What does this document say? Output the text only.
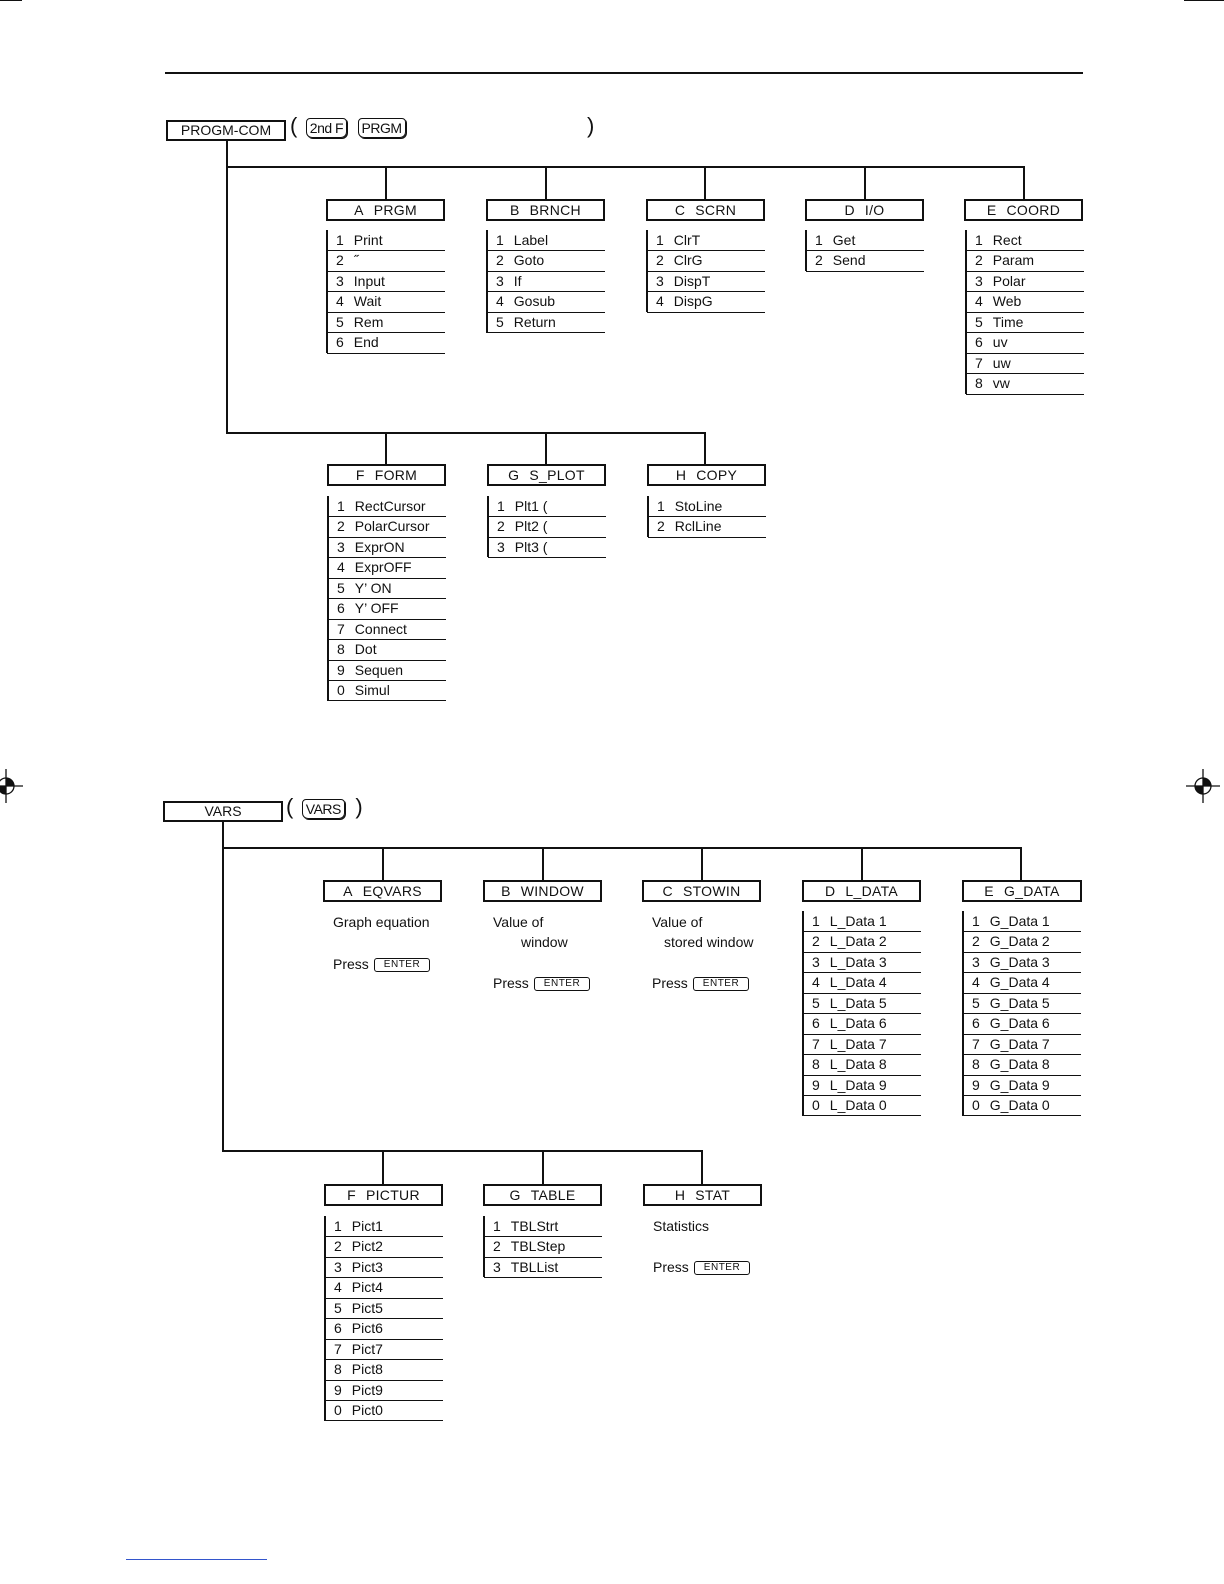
PROGM-COM ( 2nd F PRGM	)
A PRGM
1 Print
2 ˝
3 Input
4 Wait
5 Rem
6 End
B BRNCH
1 Label
2 Goto
3 If
4 Gosub
5 Return
C SCRN
1 ClrT
2 ClrG
3 DispT
4 DispG
D I/O
1 Get
2 Send
E COORD
1 Rect
2 Param
3 Polar
4 Web
5 Time
6 uv
7 uw
8 vw
F FORM
1 RectCursor
2 PolarCursor
3 ExprON
4 ExprOFF
5 Y’ ON
6 Y’ OFF
7 Connect
8 Dot
9 Sequen
0 Simul
G S_PLOT
1 Plt1 (
2 Plt2 (
3 Plt3 (
H COPY
1 StoLine
2 RclLine
VARS	( VARS )
A EQVARS
Graph equation
Press ENTER
B WINDOW
Value of
window
Press ENTER
C STOWIN
Value of
stored window
Press ENTER
D L_DATA
1 L_Data 1
2 L_Data 2
3 L_Data 3
4 L_Data 4
5 L_Data 5
6 L_Data 6
7 L_Data 7
8 L_Data 8
9 L_Data 9
0 L_Data 0
E G_DATA
1 G_Data 1
2 G_Data 2
3 G_Data 3
4 G_Data 4
5 G_Data 5
6 G_Data 6
7 G_Data 7
8 G_Data 8
9 G_Data 9
0 G_Data 0
F PICTUR
1 Pict1
2 Pict2
3 Pict3
4 Pict4
5 Pict5
6 Pict6
7 Pict7
8 Pict8
9 Pict9
0 Pict0
G TABLE
1 TBLStrt
2 TBLStep
3 TBLList
H STAT
Statistics
Press ENTER
